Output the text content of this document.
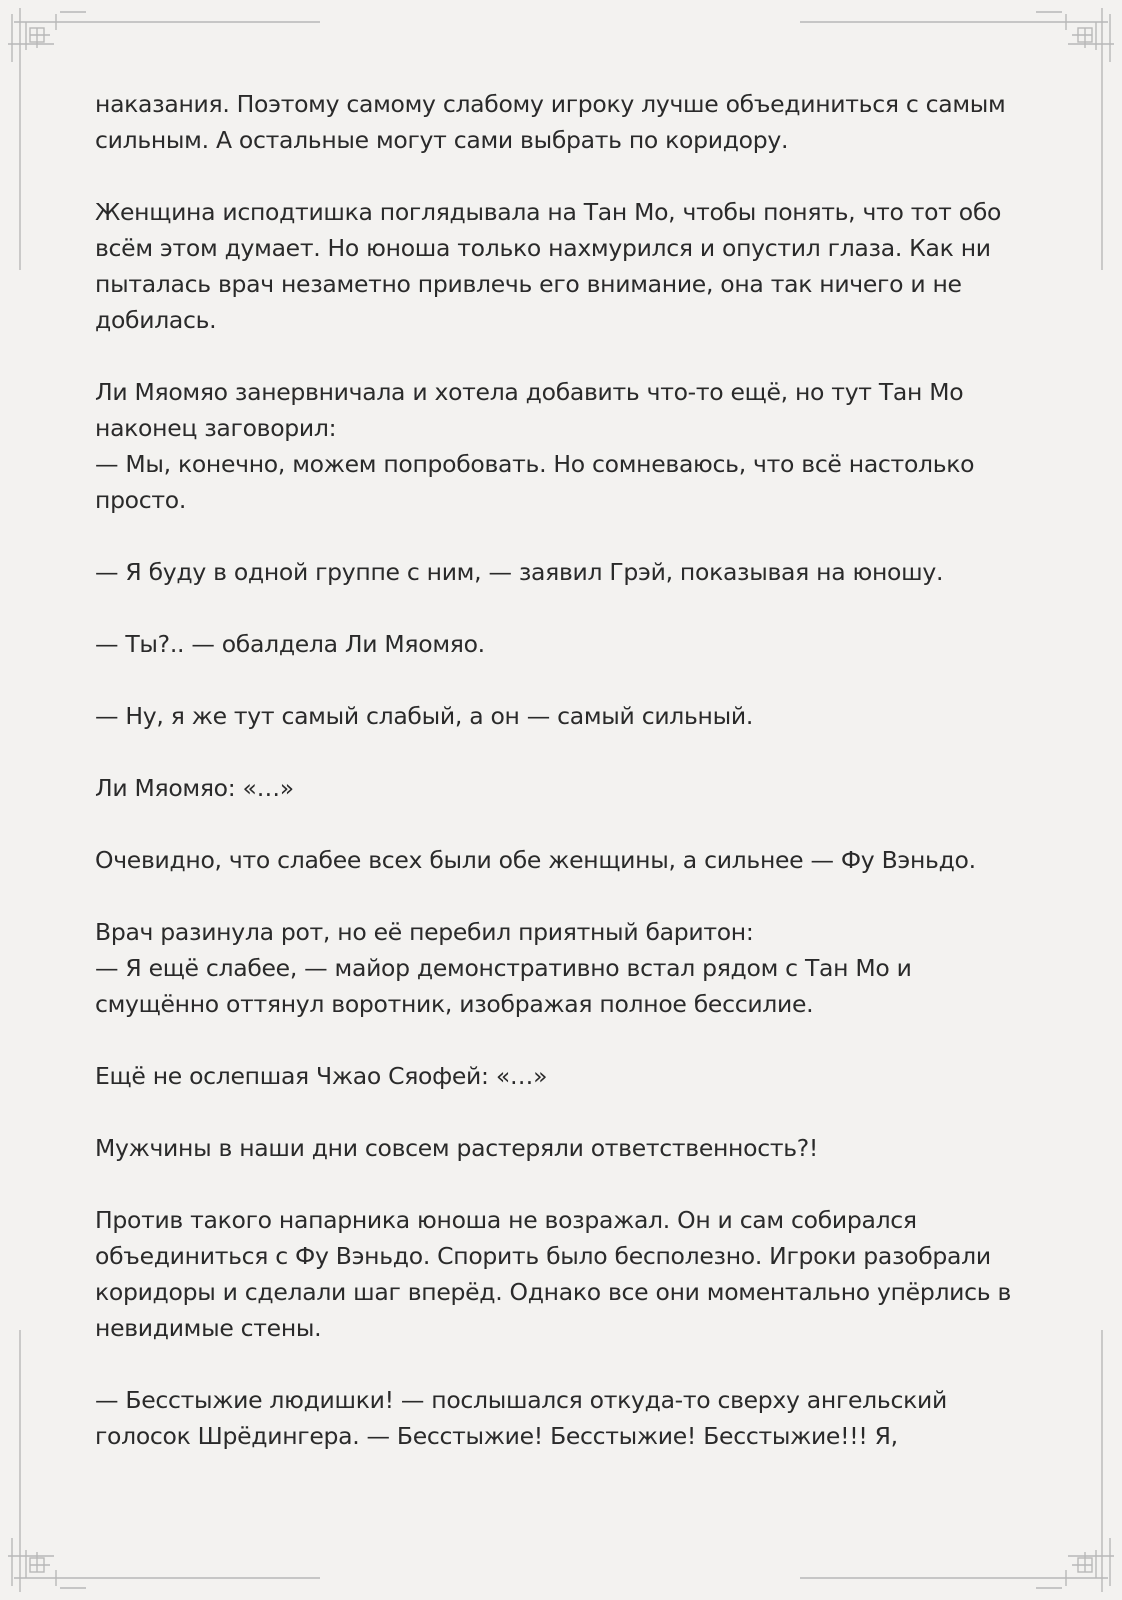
наказания. Поэтому самому слабому игроку лучше объединиться с самым
сильным. А остальные могут сами выбрать по коридору.

Женщина исподтишка поглядывала на Тан Мо, чтобы понять, что тот обо
всём этом думает. Но юноша только нахмурился и опустил глаза. Как ни
пыталась врач незаметно привлечь его внимание, она так ничего и не
добилась.

Ли Мяомяо занервничала и хотела добавить что-то ещё, но тут Тан Мо
наконец заговорил:
— Мы, конечно, можем попробовать. Но сомневаюсь, что всё настолько
просто.

— Я буду в одной группе с ним, — заявил Грэй, показывая на юношу.

— Ты?.. — обалдела Ли Мяомяо.

— Ну, я же тут самый слабый, а он — самый сильный.

Ли Мяомяо: «…»

Очевидно, что слабее всех были обе женщины, а сильнее — Фу Вэньдо.

Врач разинула рот, но её перебил приятный баритон:
— Я ещё слабее, — майор демонстративно встал рядом с Тан Мо и
смущённо оттянул воротник, изображая полное бессилие.

Ещё не ослепшая Чжао Сяофей: «…»

Мужчины в наши дни совсем растеряли ответственность?!

Против такого напарника юноша не возражал. Он и сам собирался
объединиться с Фу Вэньдо. Спорить было бесполезно. Игроки разобрали
коридоры и сделали шаг вперёд. Однако все они моментально упёрлись в
невидимые стены.

— Бесстыжие людишки! — послышался откуда-то сверху ангельский
голосок Шрёдингера. — Бесстыжие! Бесстыжие! Бесстыжие!!! Я,
